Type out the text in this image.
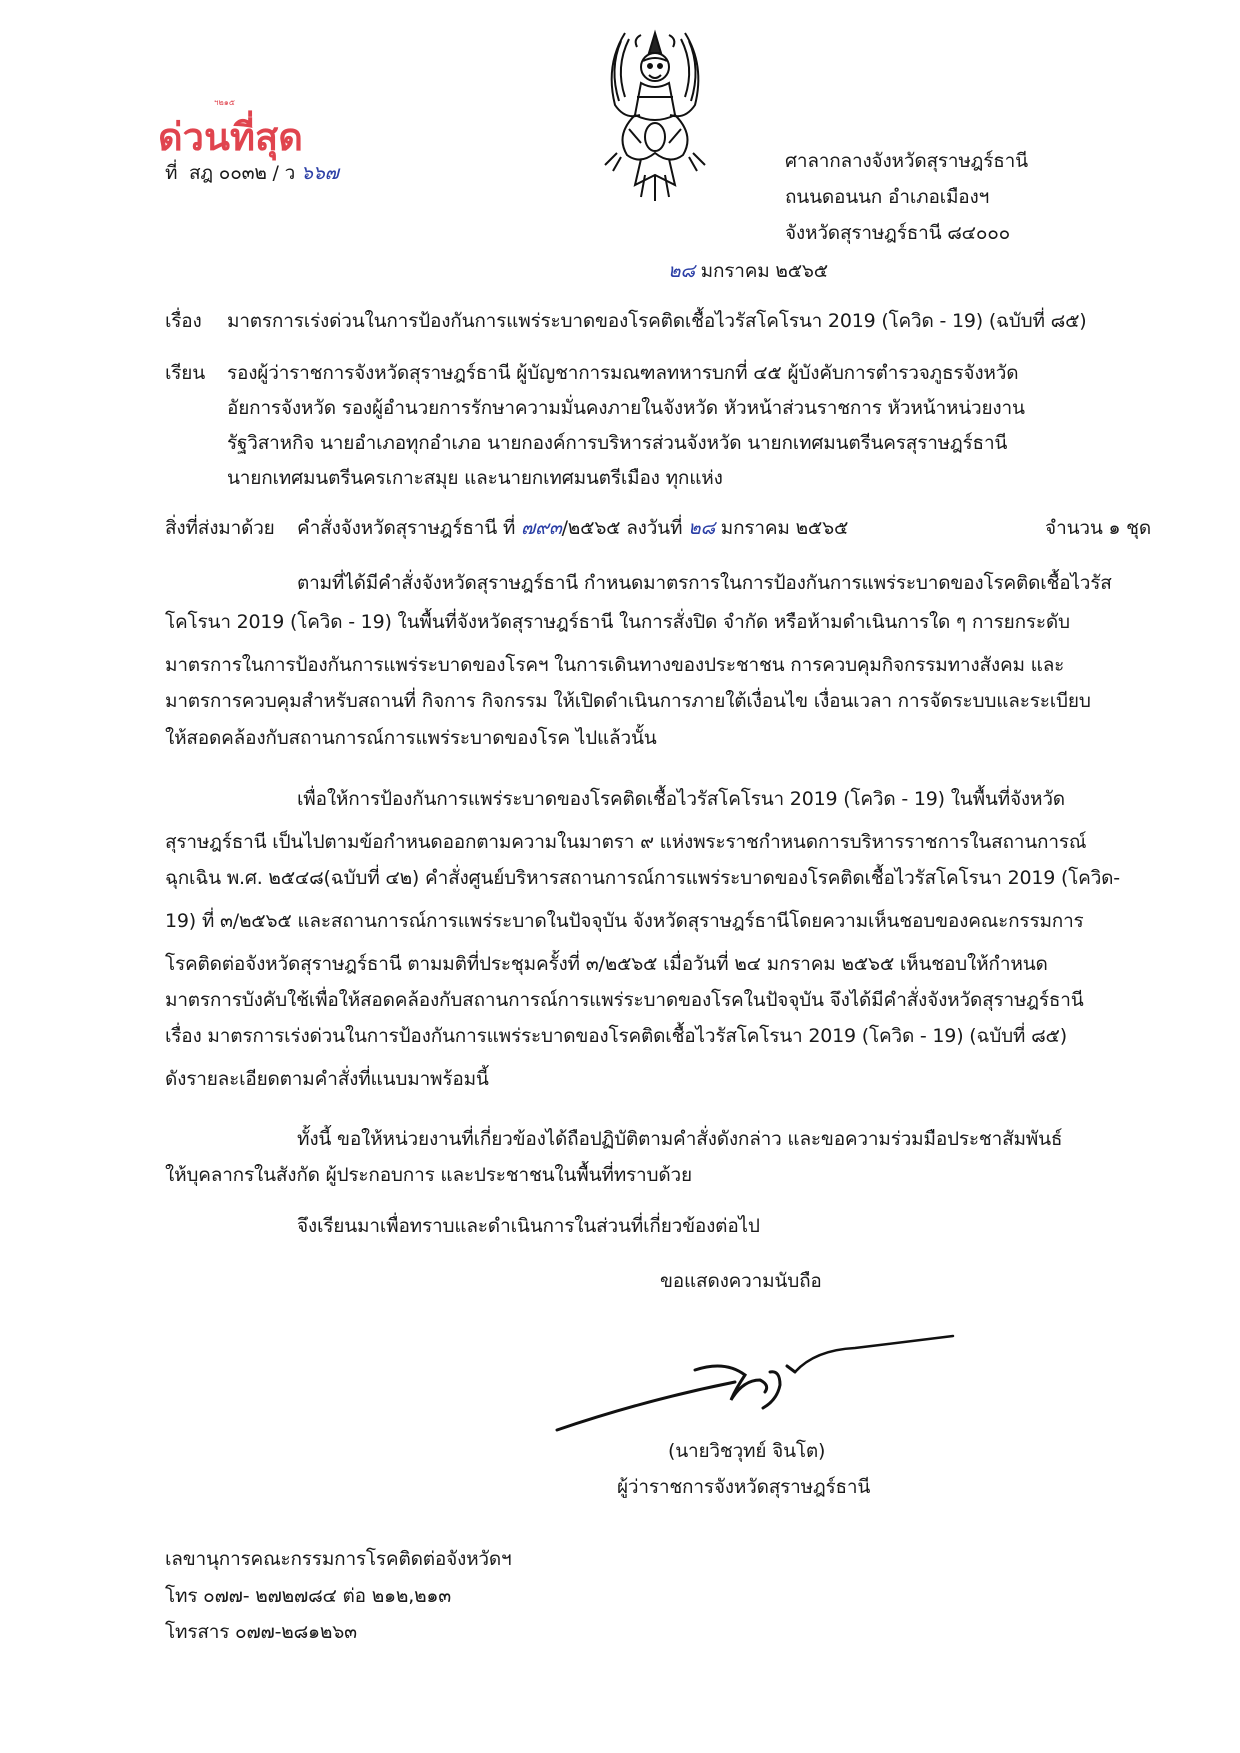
ฯ๒๑๕
ด่วนที่สุด
ที่ สฎ ๐๐๓๒ / ว ๖๖๗
ศาลากลางจังหวัดสุราษฎร์ธานี
ถนนดอนนก อำเภอเมืองฯ
จังหวัดสุราษฎร์ธานี ๘๔๐๐๐
๒๘ มกราคม ๒๕๖๕
เรื่อง มาตรการเร่งด่วนในการป้องกันการแพร่ระบาดของโรคติดเชื้อไวรัสโคโรนา 2019 (โควิด - 19) (ฉบับที่ ๘๕)
เรียน รองผู้ว่าราชการจังหวัดสุราษฎร์ธานี ผู้บัญชาการมณฑลทหารบกที่ ๔๕ ผู้บังคับการตำรวจภูธรจังหวัด
อัยการจังหวัด รองผู้อำนวยการรักษาความมั่นคงภายในจังหวัด หัวหน้าส่วนราชการ หัวหน้าหน่วยงาน
รัฐวิสาหกิจ นายอำเภอทุกอำเภอ นายกองค์การบริหารส่วนจังหวัด นายกเทศมนตรีนครสุราษฎร์ธานี
นายกเทศมนตรีนครเกาะสมุย และนายกเทศมนตรีเมือง ทุกแห่ง
สิ่งที่ส่งมาด้วย คำสั่งจังหวัดสุราษฎร์ธานี ที่ ๗๙๓/๒๕๖๕ ลงวันที่ ๒๘ มกราคม ๒๕๖๕	จำนวน ๑ ชุด
ตามที่ได้มีคำสั่งจังหวัดสุราษฎร์ธานี กำหนดมาตรการในการป้องกันการแพร่ระบาดของโรคติดเชื้อไวรัส
โคโรนา 2019 (โควิด - 19) ในพื้นที่จังหวัดสุราษฎร์ธานี ในการสั่งปิด จำกัด หรือห้ามดำเนินการใด ๆ การยกระดับ
มาตรการในการป้องกันการแพร่ระบาดของโรคฯ ในการเดินทางของประชาชน การควบคุมกิจกรรมทางสังคม และ
มาตรการควบคุมสำหรับสถานที่ กิจการ กิจกรรม ให้เปิดดำเนินการภายใต้เงื่อนไข เงื่อนเวลา การจัดระบบและระเบียบ
ให้สอดคล้องกับสถานการณ์การแพร่ระบาดของโรค ไปแล้วนั้น
เพื่อให้การป้องกันการแพร่ระบาดของโรคติดเชื้อไวรัสโคโรนา 2019 (โควิด - 19) ในพื้นที่จังหวัด
สุราษฎร์ธานี เป็นไปตามข้อกำหนดออกตามความในมาตรา ๙ แห่งพระราชกำหนดการบริหารราชการในสถานการณ์
ฉุกเฉิน พ.ศ. ๒๕๔๘(ฉบับที่ ๔๒) คำสั่งศูนย์บริหารสถานการณ์การแพร่ระบาดของโรคติดเชื้อไวรัสโคโรนา 2019 (โควิด-
19) ที่ ๓/๒๕๖๕ และสถานการณ์การแพร่ระบาดในปัจจุบัน จังหวัดสุราษฎร์ธานีโดยความเห็นชอบของคณะกรรมการ
โรคติดต่อจังหวัดสุราษฎร์ธานี ตามมติที่ประชุมครั้งที่ ๓/๒๕๖๕ เมื่อวันที่ ๒๔ มกราคม ๒๕๖๕ เห็นชอบให้กำหนด
มาตรการบังคับใช้เพื่อให้สอดคล้องกับสถานการณ์การแพร่ระบาดของโรคในปัจจุบัน จึงได้มีคำสั่งจังหวัดสุราษฎร์ธานี
เรื่อง มาตรการเร่งด่วนในการป้องกันการแพร่ระบาดของโรคติดเชื้อไวรัสโคโรนา 2019 (โควิด - 19) (ฉบับที่ ๘๕)
ดังรายละเอียดตามคำสั่งที่แนบมาพร้อมนี้
ทั้งนี้ ขอให้หน่วยงานที่เกี่ยวข้องได้ถือปฏิบัติตามคำสั่งดังกล่าว และขอความร่วมมือประชาสัมพันธ์
ให้บุคลากรในสังกัด ผู้ประกอบการ และประชาชนในพื้นที่ทราบด้วย
จึงเรียนมาเพื่อทราบและดำเนินการในส่วนที่เกี่ยวข้องต่อไป
ขอแสดงความนับถือ
(นายวิชวุทย์ จินโต)
ผู้ว่าราชการจังหวัดสุราษฎร์ธานี
เลขานุการคณะกรรมการโรคติดต่อจังหวัดฯ
โทร ๐๗๗- ๒๗๒๗๘๔ ต่อ ๒๑๒,๒๑๓
โทรสาร ๐๗๗-๒๘๑๒๖๓
